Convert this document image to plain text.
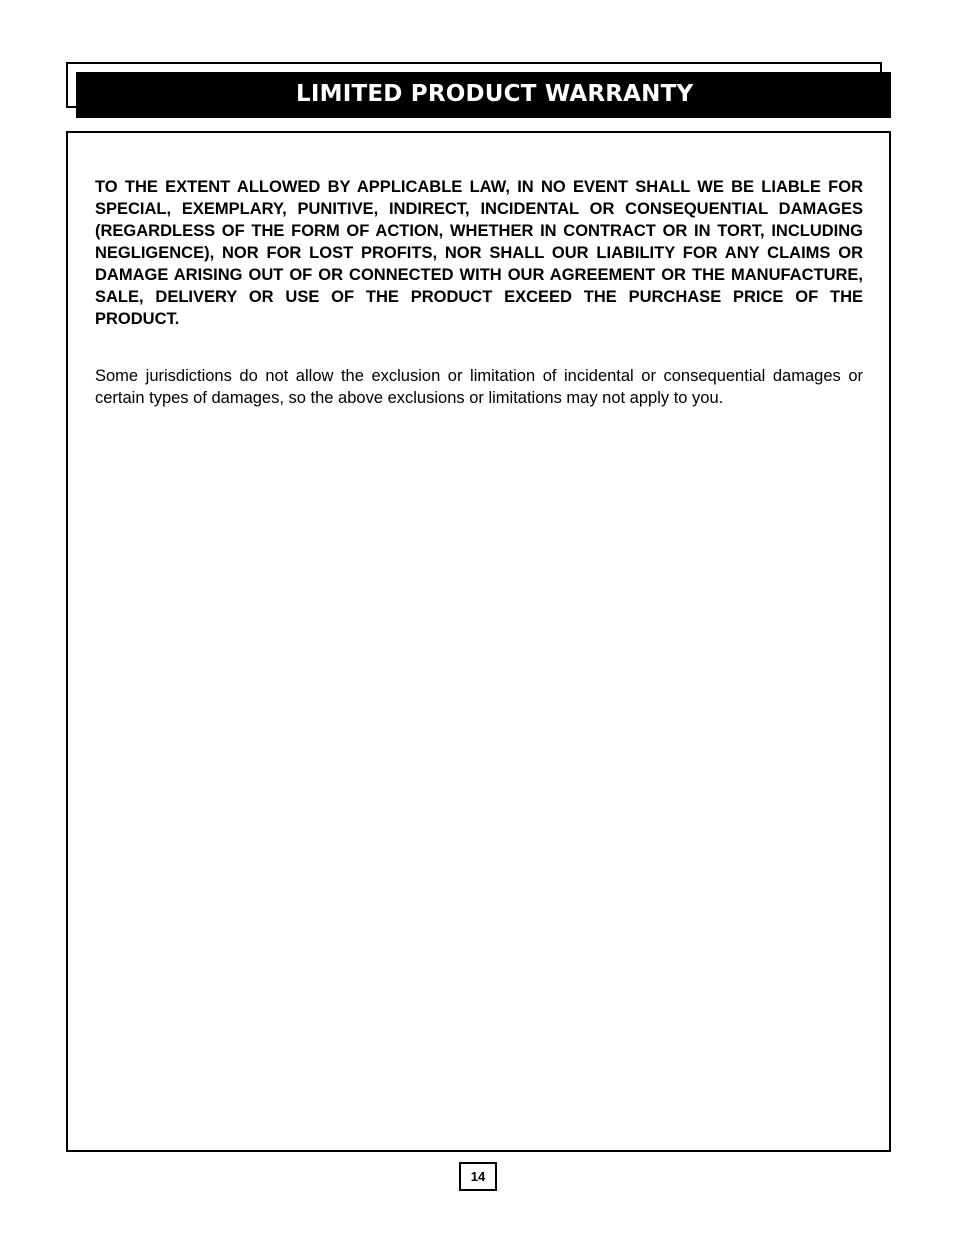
LIMITED PRODUCT WARRANTY

TO THE EXTENT ALLOWED BY APPLICABLE LAW, IN NO EVENT SHALL WE BE LIABLE FOR SPECIAL, EXEMPLARY, PUNITIVE, INDIRECT, INCIDENTAL OR CONSEQUENTIAL DAMAGES (REGARDLESS OF THE FORM OF ACTION, WHETHER IN CONTRACT OR IN TORT, INCLUDING NEGLIGENCE), NOR FOR LOST PROFITS, NOR SHALL OUR LIABILITY FOR ANY CLAIMS OR DAMAGE ARISING OUT OF OR CONNECTED WITH OUR AGREEMENT OR THE MANUFACTURE, SALE, DELIVERY OR USE OF THE PRODUCT EXCEED THE PURCHASE PRICE OF THE PRODUCT.

Some jurisdictions do not allow the exclusion or limitation of incidental or consequential damages or certain types of damages, so the above exclusions or limitations may not apply to you.

14
